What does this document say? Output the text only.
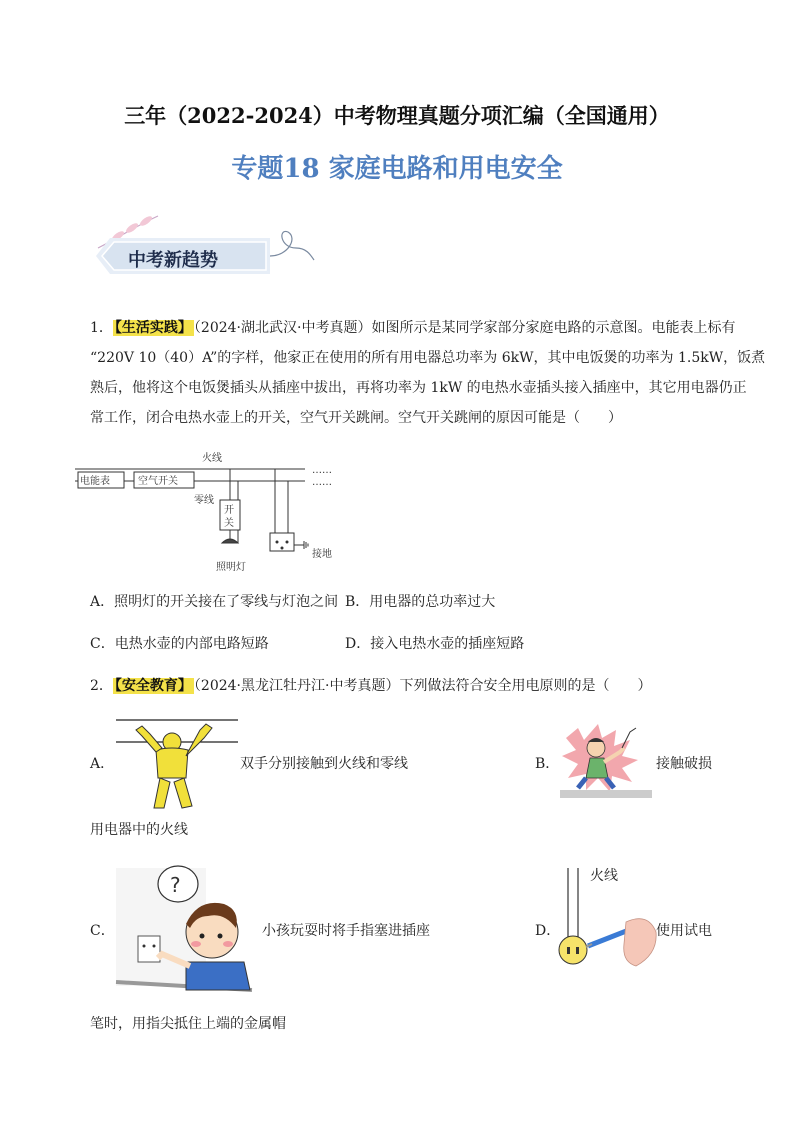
三年（2022-2024）中考物理真题分项汇编（全国通用）
专题18 家庭电路和用电安全
中考新趋势
1． 【生活实践】 （2024·湖北武汉·中考真题）如图所示是某同学家部分家庭电路的示意图。电能表上标有
“220V 10（40）A”的字样，他家正在使用的所有用电器总功率为 6kW，其中电饭煲的功率为 1.5kW，饭煮
熟后，他将这个电饭煲插头从插座中拔出，再将功率为 1kW 的电热水壶插头接入插座中，其它用电器仍正
常工作，闭合电热水壶上的开关，空气开关跳闸。空气开关跳闸的原因可能是（　　）
电能表	空气开关
火线
零线
开
关
照明灯
接地
……
……
A．照明灯的开关接在了零线与灯泡之间 B．用电器的总功率过大
C．电热水壶的内部电路短路	D．接入电热水壶的插座短路
2． 【安全教育】 （2024·黑龙江牡丹江·中考真题）下列做法符合安全用电原则的是（　　）
A．	双手分别接触到火线和零线	B．	接触破损
用电器中的火线
C．
?
小孩玩耍时将手指塞进插座	D．
火线
使用试电
笔时，用指尖抵住上端的金属帽
